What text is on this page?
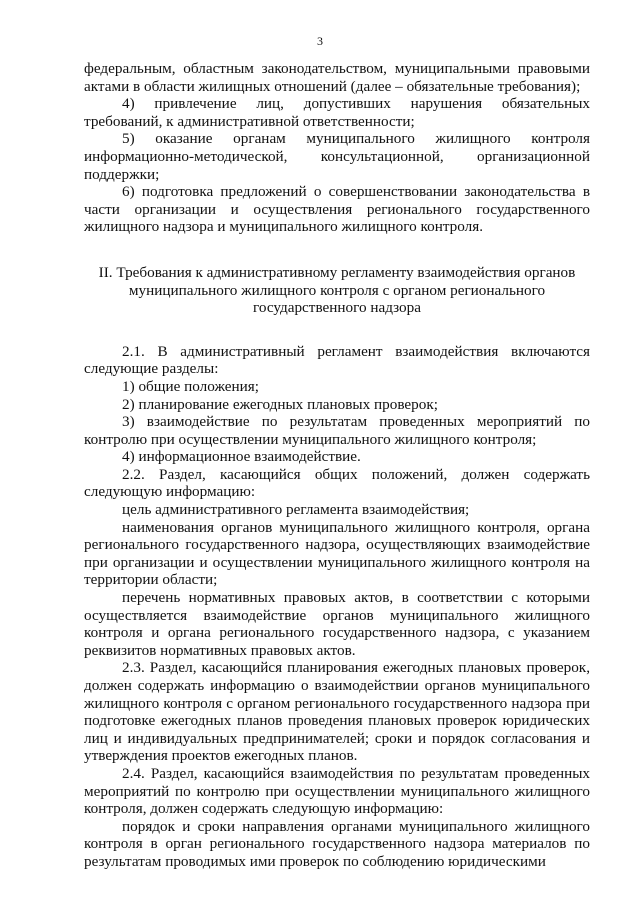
3

федеральным, областным законодательством, муниципальными правовыми актами в области жилищных отношений (далее – обязательные требования);

4) привлечение лиц, допустивших нарушения обязательных требований, к административной ответственности;

5) оказание органам муниципального жилищного контроля информационно-методической, консультационной, организационной поддержки;

6) подготовка предложений о совершенствовании законодательства в части организации и осуществления регионального государственного жилищного надзора и муниципального жилищного контроля.

II. Требования к административному регламенту взаимодействия органов муниципального жилищного контроля с органом регионального государственного надзора

2.1. В административный регламент взаимодействия включаются следующие разделы:

1) общие положения;

2) планирование ежегодных плановых проверок;

3) взаимодействие по результатам проведенных мероприятий по контролю при осуществлении муниципального жилищного контроля;

4) информационное взаимодействие.

2.2. Раздел, касающийся общих положений, должен содержать следующую информацию:

цель административного регламента взаимодействия;

наименования органов муниципального жилищного контроля, органа регионального государственного надзора, осуществляющих взаимодействие при организации и осуществлении муниципального жилищного контроля на территории области;

перечень нормативных правовых актов, в соответствии с которыми осуществляется взаимодействие органов муниципального жилищного контроля и органа регионального государственного надзора, с указанием реквизитов нормативных правовых актов.

2.3. Раздел, касающийся планирования ежегодных плановых проверок, должен содержать информацию о взаимодействии органов муниципального жилищного контроля с органом регионального государственного надзора при подготовке ежегодных планов проведения плановых проверок юридических лиц и индивидуальных предпринимателей; сроки и порядок согласования и утверждения проектов ежегодных планов.

2.4. Раздел, касающийся взаимодействия по результатам проведенных мероприятий по контролю при осуществлении муниципального жилищного контроля, должен содержать следующую информацию:

порядок и сроки направления органами муниципального жилищного контроля в орган регионального государственного надзора материалов по результатам проводимых ими проверок по соблюдению юридическими
